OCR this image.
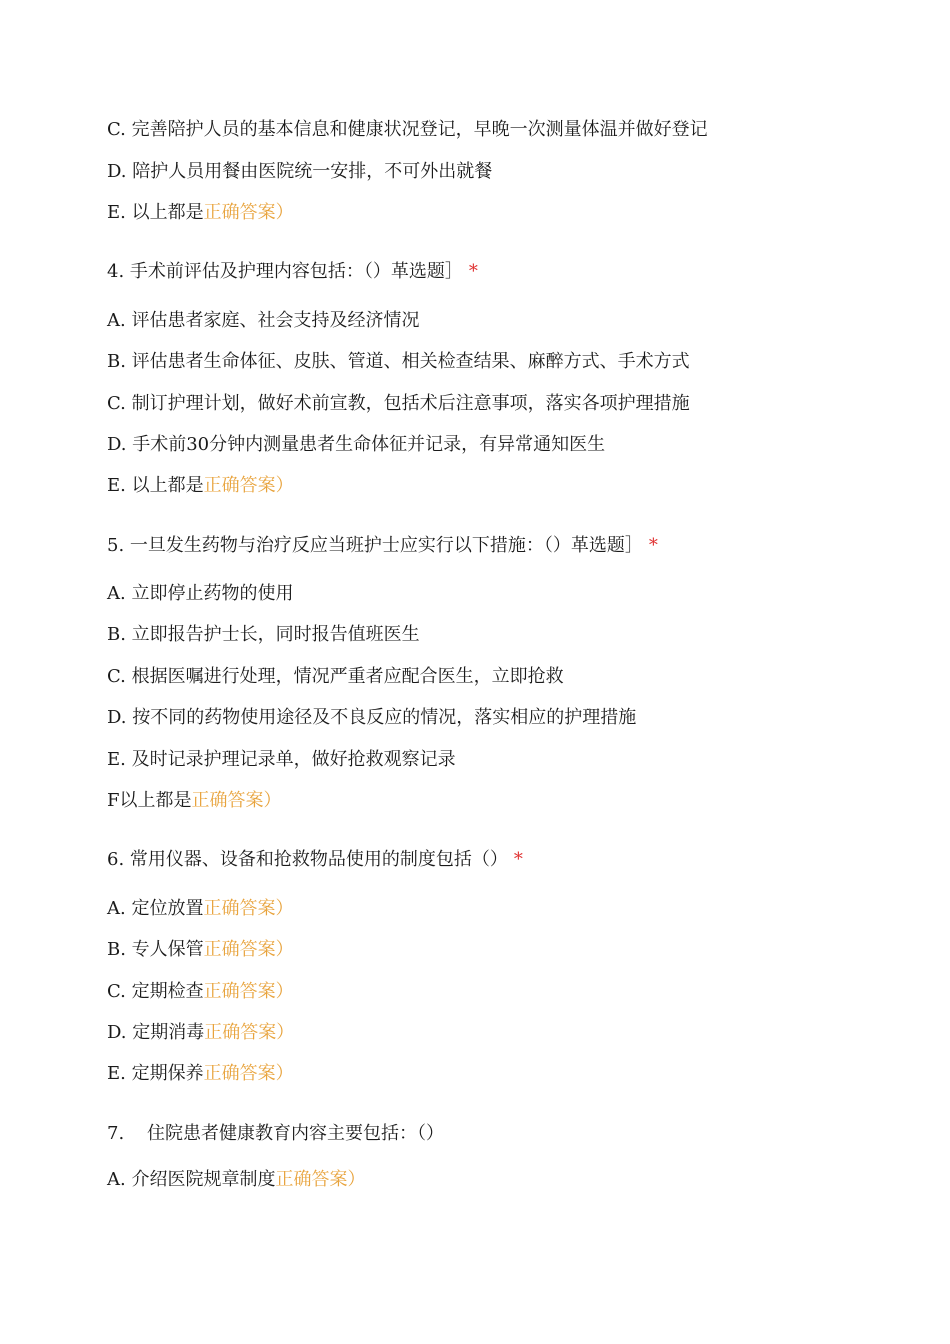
C. 完善陪护人员的基本信息和健康状况登记，早晚一次测量体温并做好登记
D. 陪护人员用餐由医院统一安排，不可外出就餐
E. 以上都是正确答案）
4. 手术前评估及护理内容包括：（）革选题］ *
A. 评估患者家庭、社会支持及经济情况
B. 评估患者生命体征、皮肤、管道、相关检查结果、麻醉方式、手术方式
C. 制订护理计划，做好术前宣教，包括术后注意事项，落实各项护理措施
D. 手术前30分钟内测量患者生命体征并记录，有异常通知医生
E. 以上都是正确答案）
5. 一旦发生药物与治疗反应当班护士应实行以下措施：（）革选题］ *
A. 立即停止药物的使用
B. 立即报告护士长，同时报告值班医生
C. 根据医嘱进行处理，情况严重者应配合医生，立即抢救
D. 按不同的药物使用途径及不良反应的情况，落实相应的护理措施
E. 及时记录护理记录单，做好抢救观察记录
F以上都是正确答案）
6. 常用仪器、设备和抢救物品使用的制度包括（） *
A. 定位放置正确答案）
B. 专人保管正确答案）
C. 定期检查正确答案）
D. 定期消毒正确答案）
E. 定期保养正确答案）
7. 住院患者健康教育内容主要包括：（）
A. 介绍医院规章制度正确答案）
